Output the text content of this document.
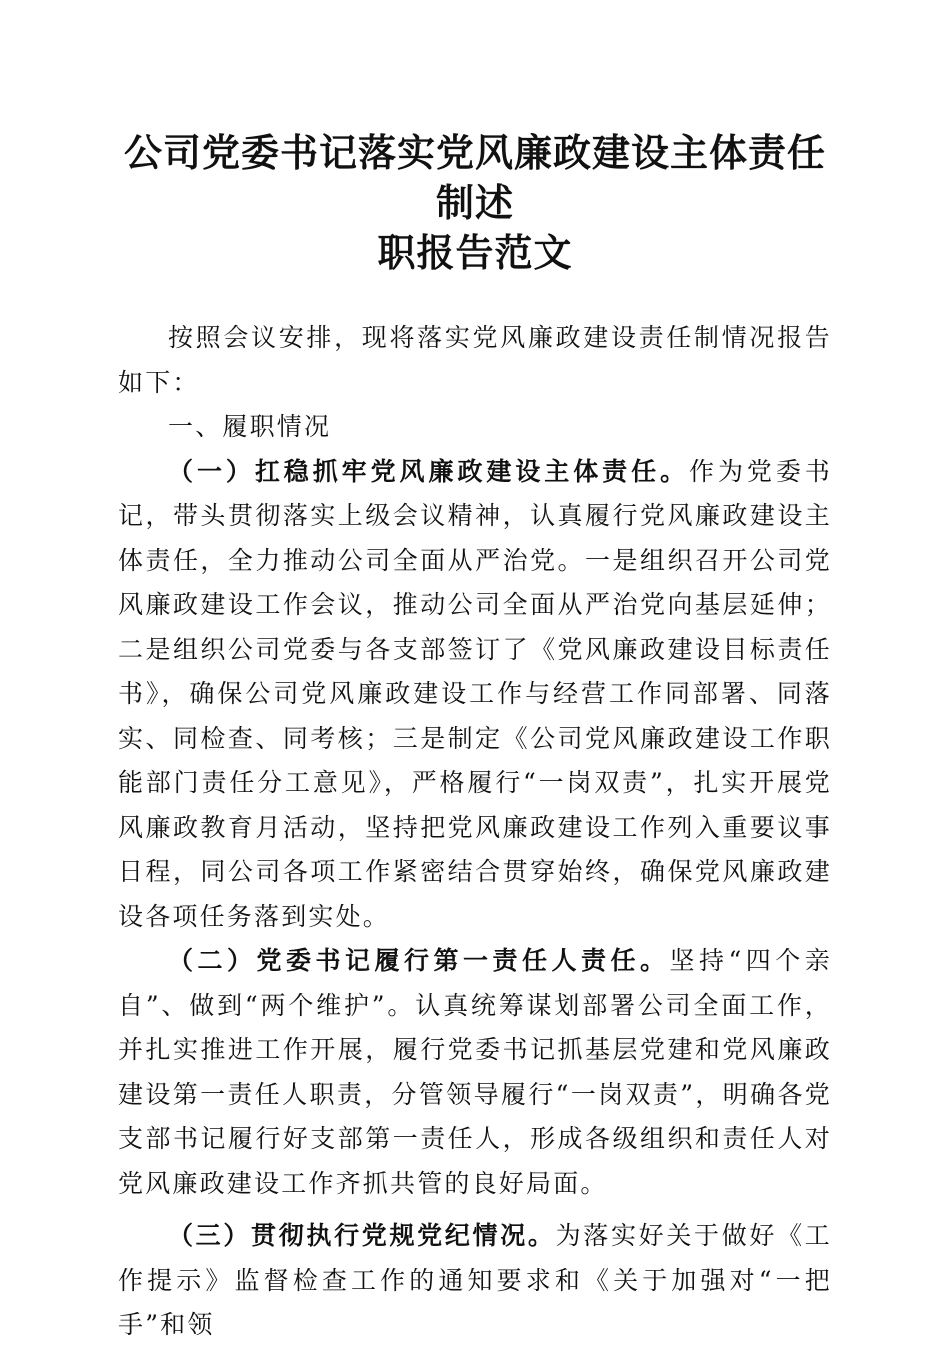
公司党委书记落实党风廉政建设主体责任制述
职报告范文

按照会议安排，现将落实党风廉政建设责任制情况报告如下：

一、履职情况

（一）扛稳抓牢党风廉政建设主体责任。作为党委书记，带头贯彻落实上级会议精神，认真履行党风廉政建设主体责任，全力推动公司全面从严治党。一是组织召开公司党风廉政建设工作会议，推动公司全面从严治党向基层延伸；二是组织公司党委与各支部签订了《党风廉政建设目标责任书》，确保公司党风廉政建设工作与经营工作同部署、同落实、同检查、同考核；三是制定《公司党风廉政建设工作职能部门责任分工意见》，严格履行“一岗双责”，扎实开展党风廉政教育月活动，坚持把党风廉政建设工作列入重要议事日程，同公司各项工作紧密结合贯穿始终，确保党风廉政建设各项任务落到实处。

（二）党委书记履行第一责任人责任。坚持“四个亲自”、做到“两个维护”。认真统筹谋划部署公司全面工作，并扎实推进工作开展，履行党委书记抓基层党建和党风廉政建设第一责任人职责，分管领导履行“一岗双责”，明确各党支部书记履行好支部第一责任人，形成各级组织和责任人对党风廉政建设工作齐抓共管的良好局面。

（三）贯彻执行党规党纪情况。为落实好关于做好《工作提示》监督检查工作的通知要求和《关于加强对“一把手”和领
